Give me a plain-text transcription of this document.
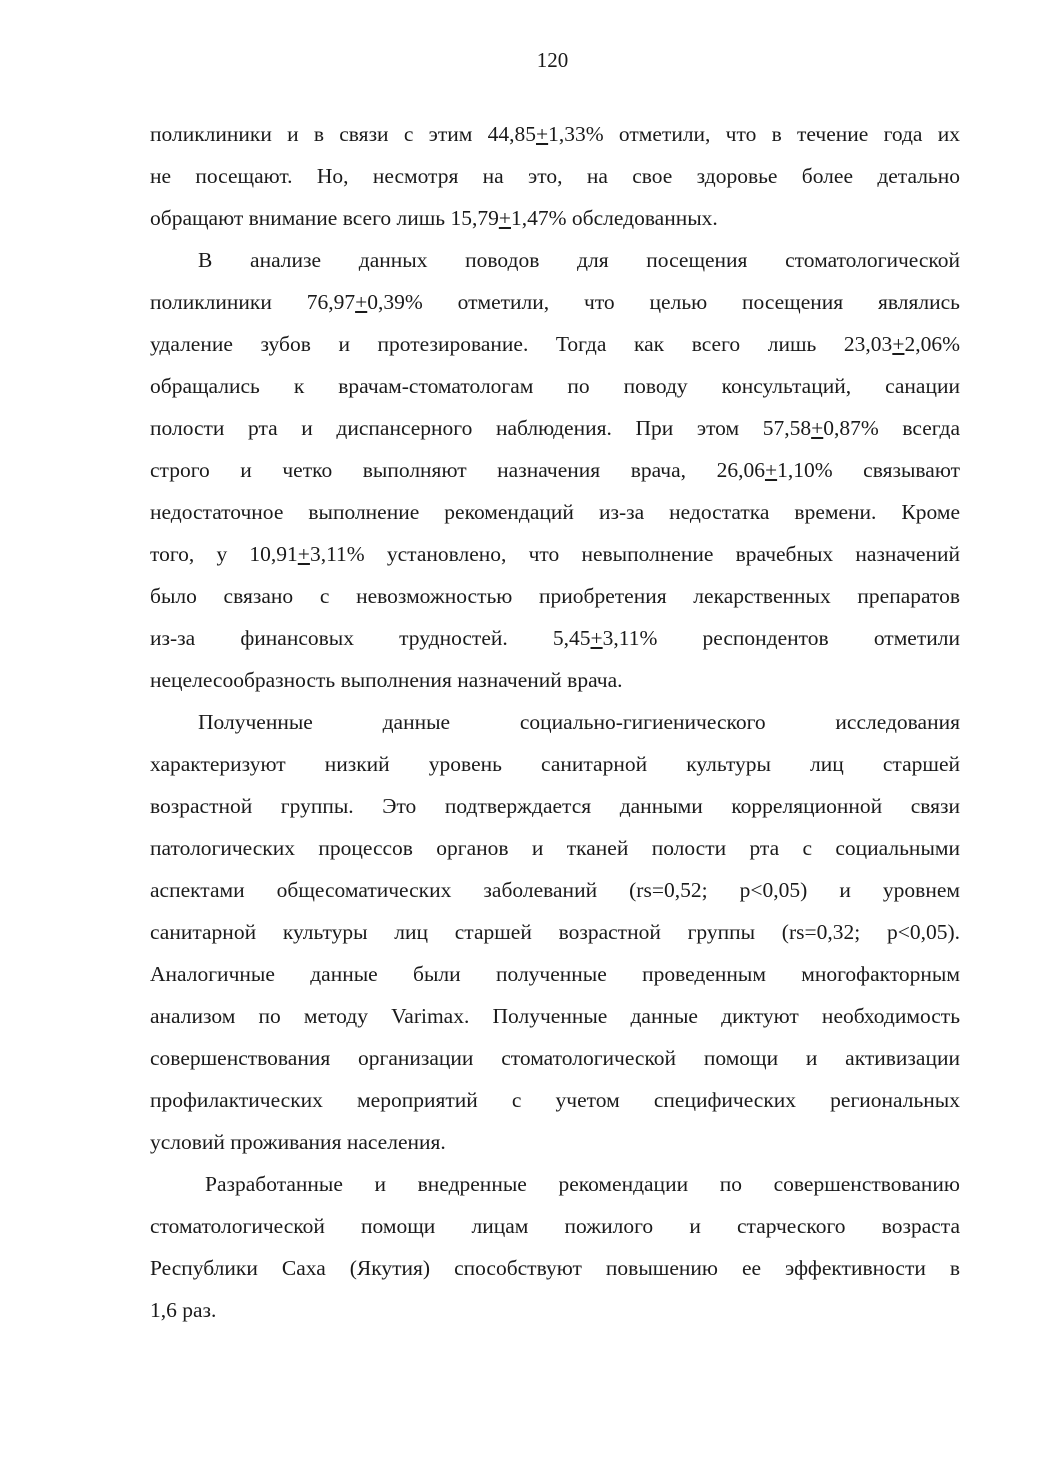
120
поликлиники и в связи с этим 44,85+1,33% отметили, что в течение года их
не посещают. Но, несмотря на это, на свое здоровье более детально
обращают внимание всего лишь 15,79+1,47% обследованных.
В анализе данных поводов для посещения стоматологической
поликлиники 76,97+0,39% отметили, что целью посещения являлись
удаление зубов и протезирование. Тогда как всего лишь 23,03+2,06%
обращались к врачам-стоматологам по поводу консультаций, санации
полости рта и диспансерного наблюдения. При этом 57,58+0,87% всегда
строго и четко выполняют назначения врача, 26,06+1,10% связывают
недостаточное выполнение рекомендаций из-за недостатка времени. Кроме
того, у 10,91+3,11% установлено, что невыполнение врачебных назначений
было связано с невозможностью приобретения лекарственных препаратов
из-за финансовых трудностей. 5,45+3,11% респондентов отметили
нецелесообразность выполнения назначений врача.
Полученные данные социально-гигиенического исследования
характеризуют низкий уровень санитарной культуры лиц старшей
возрастной группы. Это подтверждается данными корреляционной связи
патологических процессов органов и тканей полости рта с социальными
аспектами общесоматических заболеваний (rs=0,52; p<0,05) и уровнем
санитарной культуры лиц старшей возрастной группы (rs=0,32; p<0,05).
Аналогичные данные были полученные проведенным многофакторным
анализом по методу Varimax. Полученные данные диктуют необходимость
совершенствования организации стоматологической помощи и активизации
профилактических мероприятий с учетом специфических региональных
условий проживания населения.
Разработанные и внедренные рекомендации по совершенствованию
стоматологической помощи лицам пожилого и старческого возраста
Республики Саха (Якутия) способствуют повышению ее эффективности в
1,6 раз.
